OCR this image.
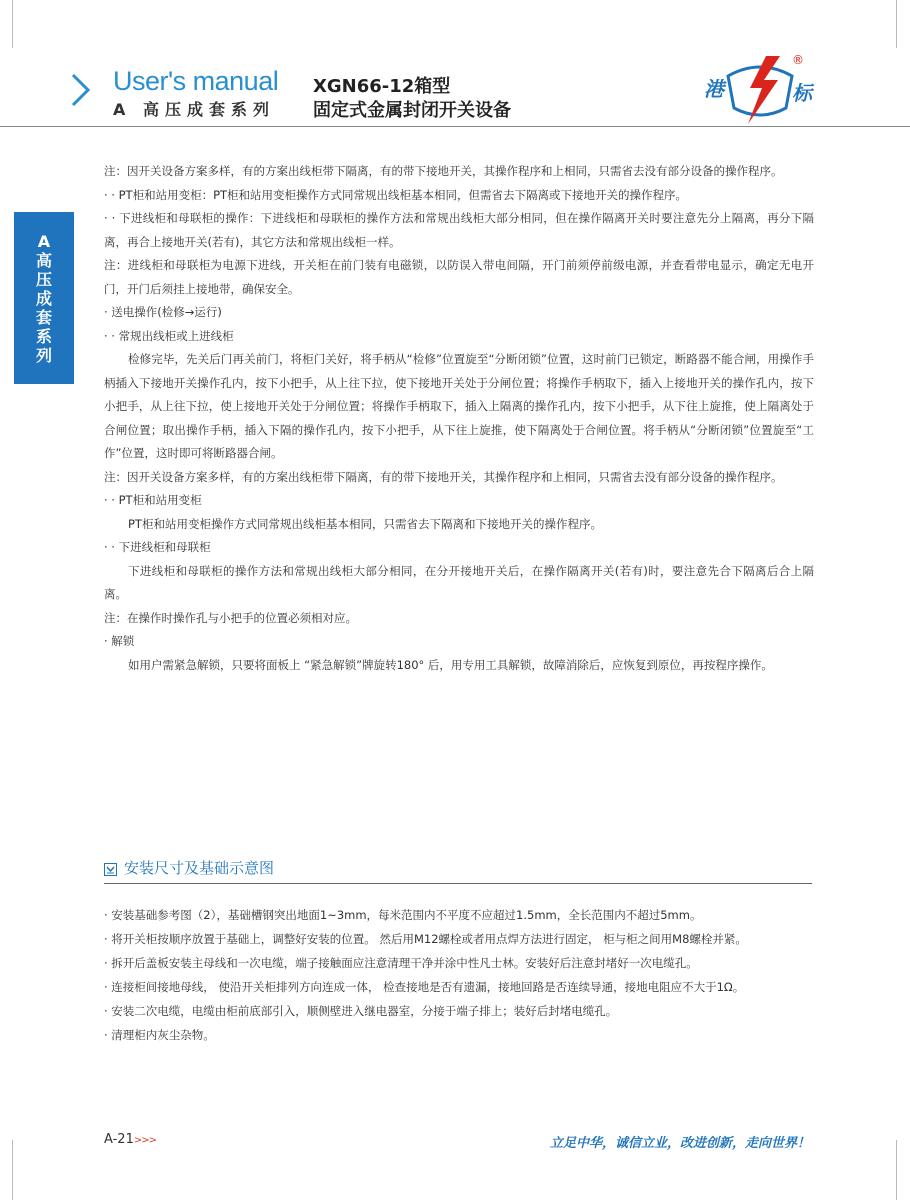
User's manual
A 高压成套系列
XGN66-12箱型
固定式金属封闭开关设备
港	标
®
A
高
压
成
套
系
列

注：因开关设备方案多样，有的方案出线柜带下隔离，有的带下接地开关，其操作程序和上相同，只需省去没有部分设备的操作程序。

· · PT柜和站用变柜：PT柜和站用变柜操作方式同常规出线柜基本相同，但需省去下隔离或下接地开关的操作程序。

· · 下进线柜和母联柜的操作：下进线柜和母联柜的操作方法和常规出线柜大部分相同，但在操作隔离开关时要注意先分上隔离，再分下隔离，再合上接地开关(若有)，其它方法和常规出线柜一样。

注：进线柜和母联柜为电源下进线，开关柜在前门装有电磁锁，以防误入带电间隔，开门前须停前级电源，并查看带电显示，确定无电开门，开门后须挂上接地带，确保安全。

· 送电操作(检修→运行)

· · 常规出线柜或上进线柜

检修完毕，先关后门再关前门，将柜门关好，将手柄从“检修”位置旋至“分断闭锁”位置，这时前门已锁定，断路器不能合闸，用操作手柄插入下接地开关操作孔内，按下小把手，从上往下拉，使下接地开关处于分闸位置；将操作手柄取下，插入上接地开关的操作孔内，按下小把手，从上往下拉，使上接地开关处于分闸位置；将操作手柄取下，插入上隔离的操作孔内，按下小把手，从下往上旋推，使上隔离处于合闸位置；取出操作手柄，插入下隔的操作孔内，按下小把手，从下往上旋推，使下隔离处于合闸位置。将手柄从“分断闭锁”位置旋至“工作”位置，这时即可将断路器合闸。

注：因开关设备方案多样，有的方案出线柜带下隔离，有的带下接地开关，其操作程序和上相同，只需省去没有部分设备的操作程序。

· · PT柜和站用变柜

PT柜和站用变柜操作方式同常规出线柜基本相同，只需省去下隔离和下接地开关的操作程序。

· · 下进线柜和母联柜

下进线柜和母联柜的操作方法和常规出线柜大部分相同，在分开接地开关后，在操作隔离开关(若有)时，要注意先合下隔离后合上隔离。

注：在操作时操作孔与小把手的位置必须相对应。

· 解锁

如用户需紧急解锁，只要将面板上 “紧急解锁”牌旋转180° 后，用专用工具解锁，故障消除后，应恢复到原位，再按程序操作。

安装尺寸及基础示意图

· 安装基础参考图（2），基础槽钢突出地面1~3mm，每米范围内不平度不应超过1.5mm，全长范围内不超过5mm。

· 将开关柜按顺序放置于基础上，调整好安装的位置。 然后用M12螺栓或者用点焊方法进行固定， 柜与柜之间用M8螺栓并紧。

· 拆开后盖板安装主母线和一次电缆，端子接触面应注意清理干净并涂中性凡士林。安装好后注意封堵好一次电缆孔。

· 连接柜间接地母线， 使沿开关柜排列方向连成一体， 检查接地是否有遗漏，接地回路是否连续导通，接地电阻应不大于1Ω。

· 安装二次电缆，电缆由柜前底部引入，顺侧壁进入继电器室，分接于端子排上；装好后封堵电缆孔。

· 清理柜内灰尘杂物。

A-21>>>	立足中华，诚信立业，改进创新，走向世界！
